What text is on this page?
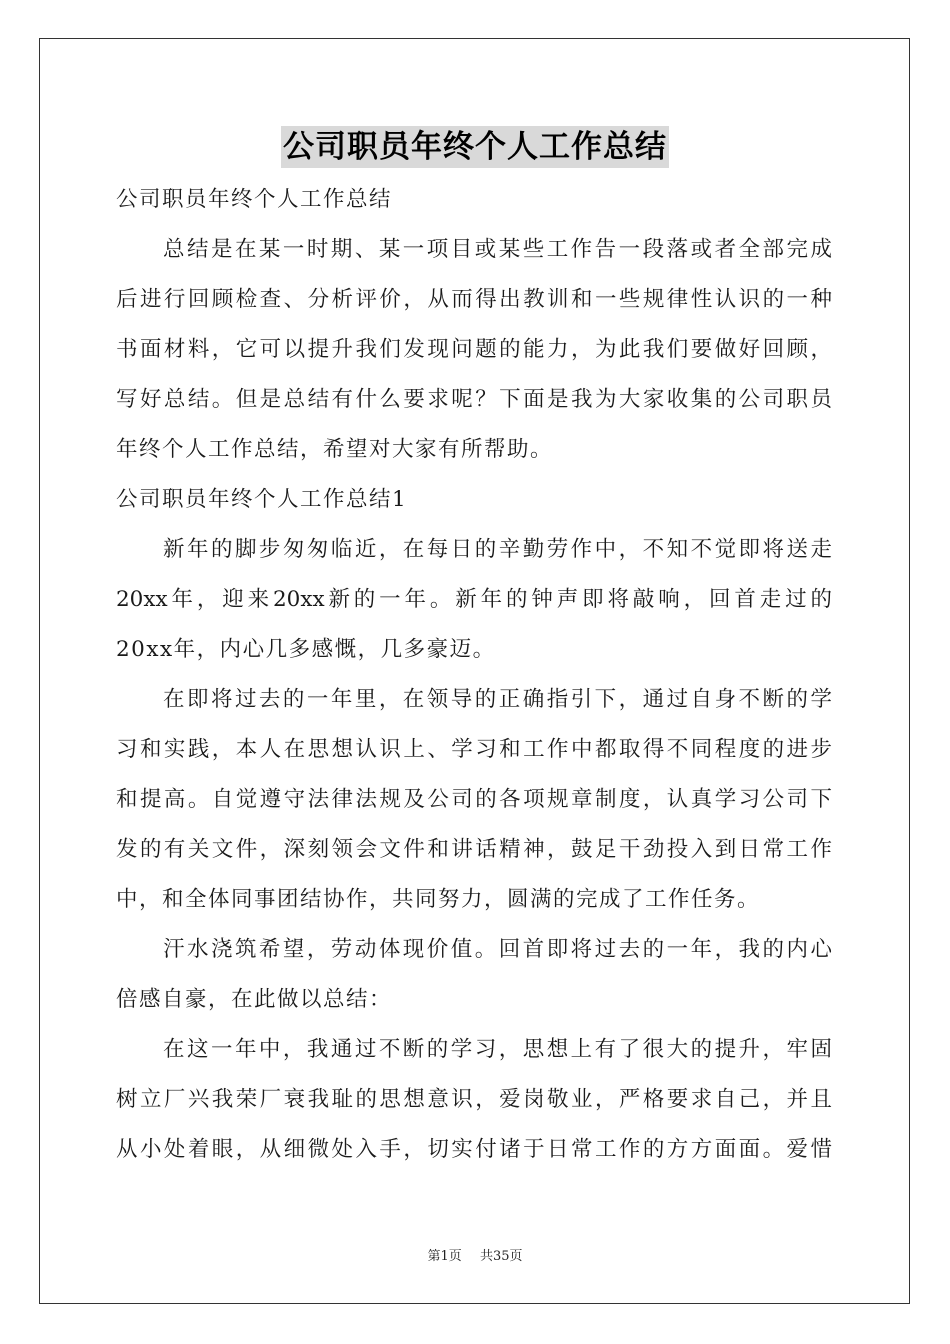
公司职员年终个人工作总结
公司职员年终个人工作总结
总结是在某一时期、某一项目或某些工作告一段落或者全部完成
后进行回顾检查、分析评价，从而得出教训和一些规律性认识的一种
书面材料，它可以提升我们发现问题的能力，为此我们要做好回顾，
写好总结。但是总结有什么要求呢？下面是我为大家收集的公司职员
年终个人工作总结，希望对大家有所帮助。
公司职员年终个人工作总结1
新年的脚步匆匆临近，在每日的辛勤劳作中，不知不觉即将送走
20xx年，迎来20xx新的一年。新年的钟声即将敲响，回首走过的
20xx年，内心几多感慨，几多豪迈。
在即将过去的一年里，在领导的正确指引下，通过自身不断的学
习和实践，本人在思想认识上、学习和工作中都取得不同程度的进步
和提高。自觉遵守法律法规及公司的各项规章制度，认真学习公司下
发的有关文件，深刻领会文件和讲话精神，鼓足干劲投入到日常工作
中，和全体同事团结协作，共同努力，圆满的完成了工作任务。
汗水浇筑希望，劳动体现价值。回首即将过去的一年，我的内心
倍感自豪，在此做以总结：
在这一年中，我通过不断的学习，思想上有了很大的提升，牢固
树立厂兴我荣厂衰我耻的思想意识，爱岗敬业，严格要求自己，并且
从小处着眼，从细微处入手，切实付诸于日常工作的方方面面。爱惜
第1页 共35页
